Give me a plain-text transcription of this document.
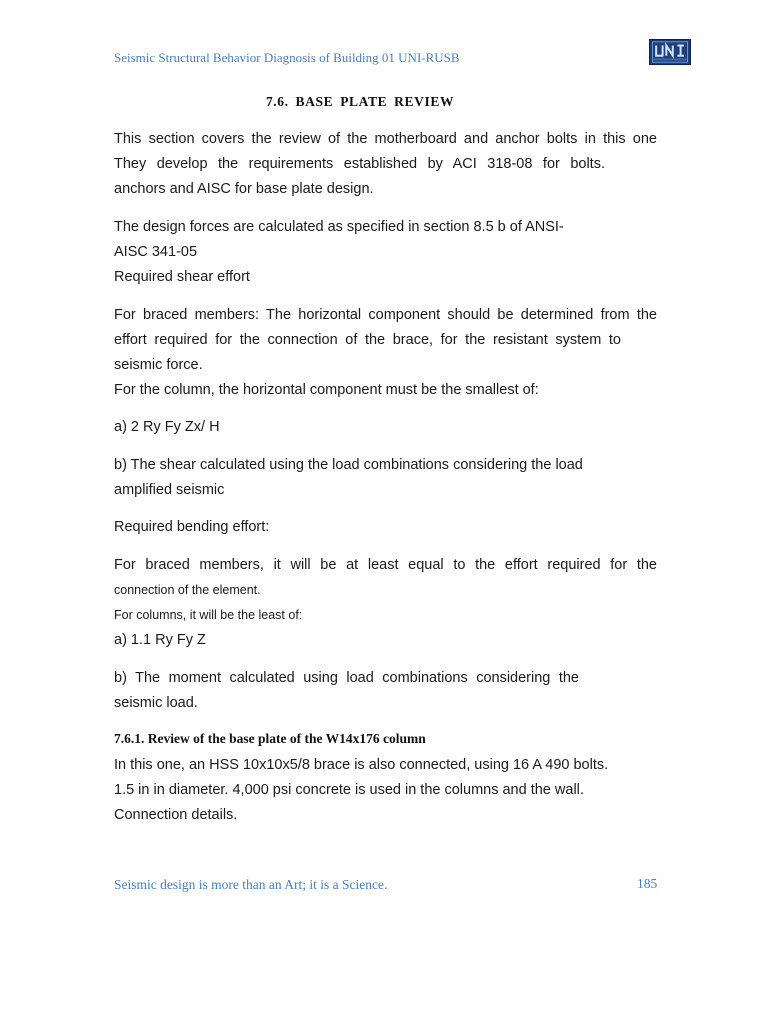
Seismic Structural Behavior Diagnosis of Building 01 UNI-RUSB
7.6. BASE PLATE REVIEW
This section covers the review of the motherboard and anchor bolts in this one
They develop the requirements established by ACI 318-08 for bolts.
anchors and AISC for base plate design.
The design forces are calculated as specified in section 8.5 b of ANSI-
AISC 341-05
Required shear effort
For braced members: The horizontal component should be determined from the
effort required for the connection of the brace, for the resistant system to
seismic force.
For the column, the horizontal component must be the smallest of:
a) 2 Ry Fy Zx/ H
b) The shear calculated using the load combinations considering the load
amplified seismic
Required bending effort:
For braced members, it will be at least equal to the effort required for the
connection of the element.
For columns, it will be the least of:
a) 1.1 Ry Fy Z
b) The moment calculated using load combinations considering the
seismic load.
7.6.1. Review of the base plate of the W14x176 column
In this one, an HSS 10x10x5/8 brace is also connected, using 16 A 490 bolts.
1.5 in in diameter. 4,000 psi concrete is used in the columns and the wall.
Connection details.
Seismic design is more than an Art; it is a Science.	185
